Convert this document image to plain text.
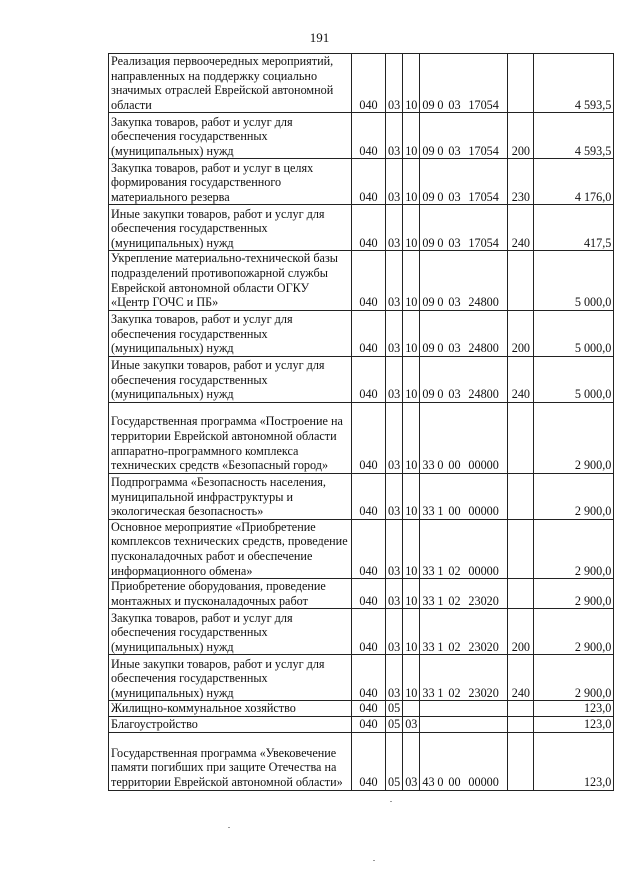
191
Реализация первоочередных мероприятий, направленных на поддержку социально значимых отраслей Еврейской автономной области	040	03	10	09 0 03 17054		4 593,5
Закупка товаров, работ и услуг для обеспечения государственных (муниципальных) нужд	040	03	10	09 0 03 17054	200	4 593,5
Закупка товаров, работ и услуг в целях формирования государственного материального резерва	040	03	10	09 0 03 17054	230	4 176,0
Иные закупки товаров, работ и услуг для обеспечения государственных (муниципальных) нужд	040	03	10	09 0 03 17054	240	417,5
Укрепление материально-технической базы подразделений противопожарной службы Еврейской автономной области ОГКУ «Центр ГОЧС и ПБ»	040	03	10	09 0 03 24800		5 000,0
Закупка товаров, работ и услуг для обеспечения государственных (муниципальных) нужд	040	03	10	09 0 03 24800	200	5 000,0
Иные закупки товаров, работ и услуг для обеспечения государственных (муниципальных) нужд	040	03	10	09 0 03 24800	240	5 000,0
Государственная программа «Построение на территории Еврейской автономной области аппаратно-программного комплекса технических средств «Безопасный город»	040	03	10	33 0 00 00000		2 900,0
Подпрограмма «Безопасность населения, муниципальной инфраструктуры и экологическая безопасность»	040	03	10	33 1 00 00000		2 900,0
Основное мероприятие «Приобретение комплексов технических средств, проведение пусконаладочных работ и обеспечение информационного обмена»	040	03	10	33 1 02 00000		2 900,0
Приобретение оборудования, проведение монтажных и пусконаладочных работ	040	03	10	33 1 02 23020		2 900,0
Закупка товаров, работ и услуг для обеспечения государственных (муниципальных) нужд	040	03	10	33 1 02 23020	200	2 900,0
Иные закупки товаров, работ и услуг для обеспечения государственных (муниципальных) нужд	040	03	10	33 1 02 23020	240	2 900,0
Жилищно-коммунальное хозяйство	040	05				123,0
Благоустройство	040	05	03			123,0
Государственная программа «Увековечение памяти погибших при защите Отечества на территории Еврейской автономной области»	040	05	03	43 0 00 00000		123,0
